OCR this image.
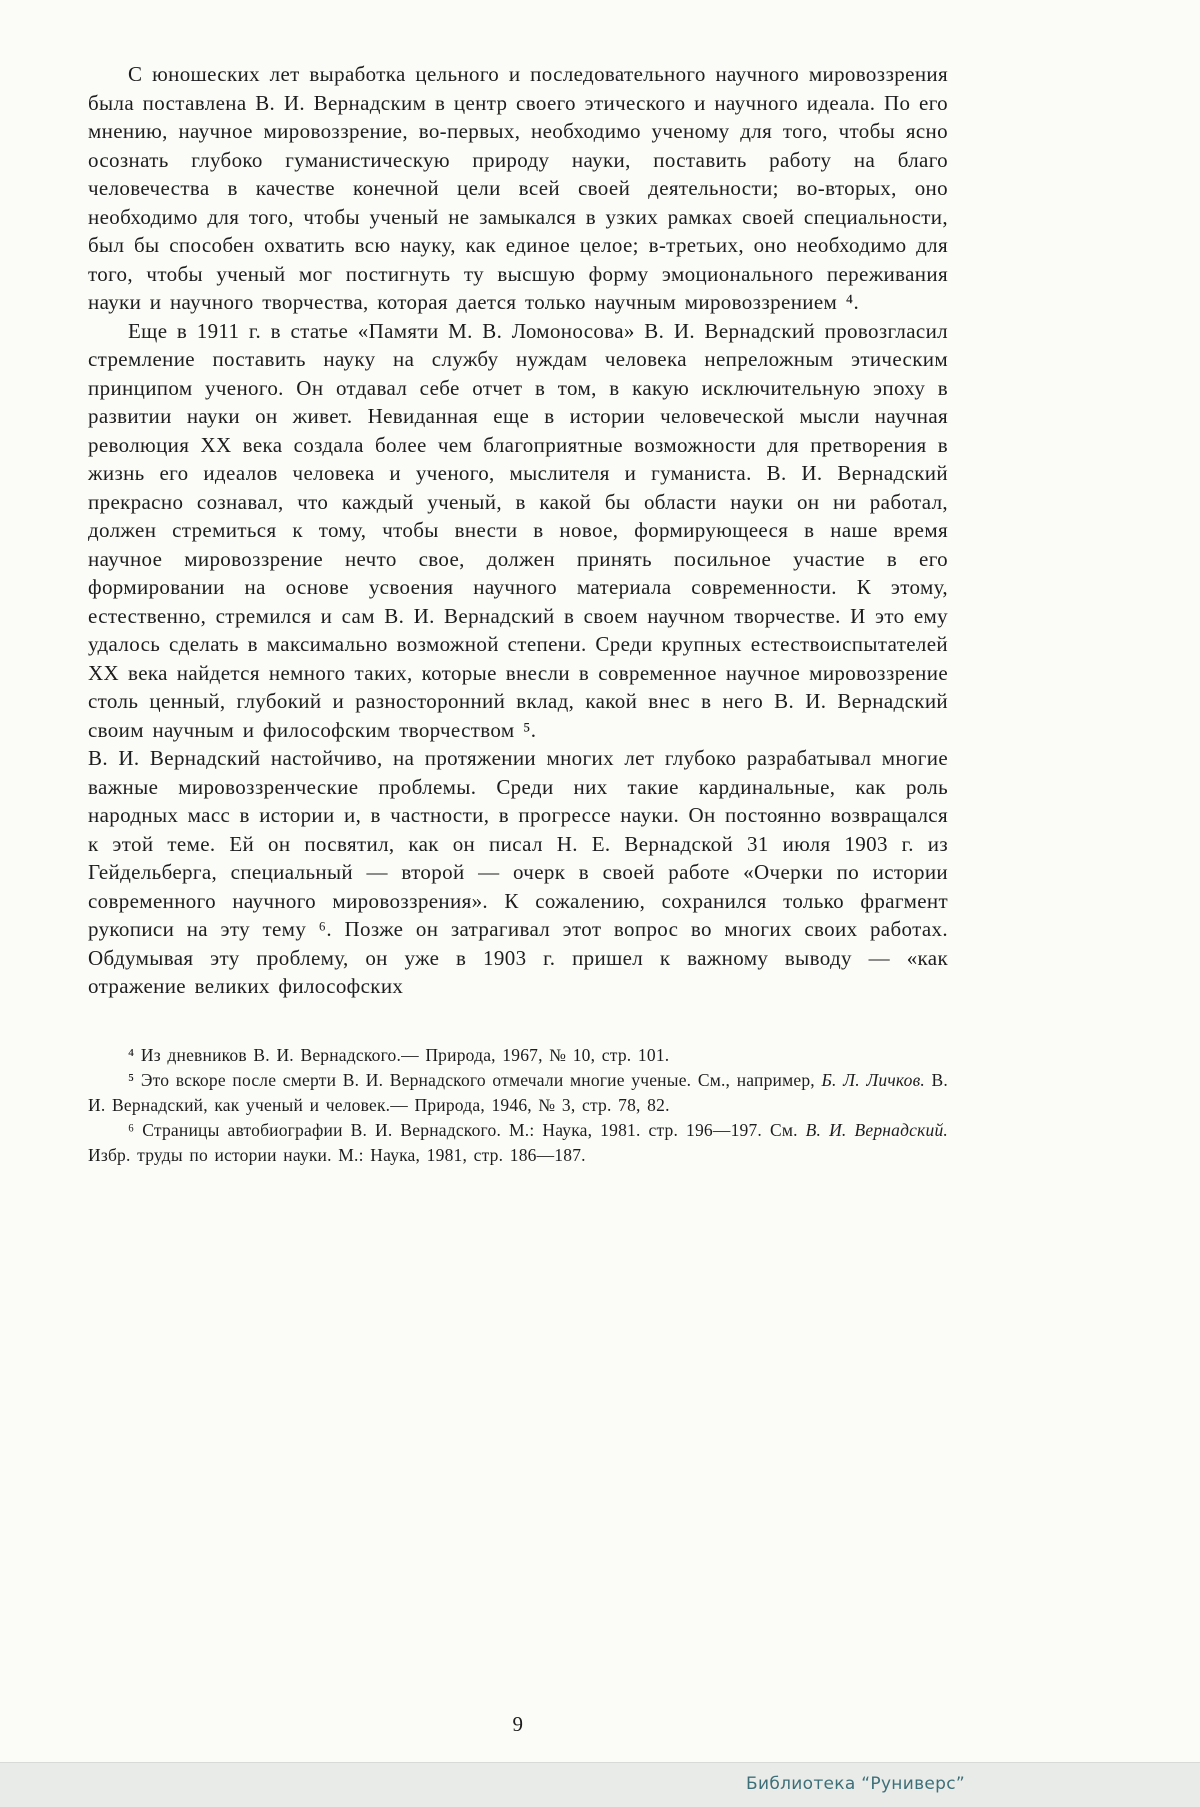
С юношеских лет выработка цельного и последовательного научного мировоззрения была поставлена В. И. Вернадским в центр своего этического и научного идеала. По его мнению, научное мировоззрение, во-первых, необходимо ученому для того, чтобы ясно осознать глубоко гуманистическую природу науки, поставить работу на благо человечества в качестве конечной цели всей своей деятельности; во-вторых, оно необходимо для того, чтобы ученый не замыкался в узких рамках своей специальности, был бы способен охватить всю науку, как единое целое; в-третьих, оно необходимо для того, чтобы ученый мог постигнуть ту высшую форму эмоционального переживания науки и научного творчества, которая дается только научным мировоззрением ⁴.

Еще в 1911 г. в статье «Памяти М. В. Ломоносова» В. И. Вернадский провозгласил стремление поставить науку на службу нуждам человека непреложным этическим принципом ученого. Он отдавал себе отчет в том, в какую исключительную эпоху в развитии науки он живет. Невиданная еще в истории человеческой мысли научная революция XX века создала более чем благоприятные возможности для претворения в жизнь его идеалов человека и ученого, мыслителя и гуманиста. В. И. Вернадский прекрасно сознавал, что каждый ученый, в какой бы области науки он ни работал, должен стремиться к тому, чтобы внести в новое, формирующееся в наше время научное мировоззрение нечто свое, должен принять посильное участие в его формировании на основе усвоения научного материала современности. К этому, естественно, стремился и сам В. И. Вернадский в своем научном творчестве. И это ему удалось сделать в максимально возможной степени. Среди крупных естествоиспытателей XX века найдется немного таких, которые внесли в современное научное мировоззрение столь ценный, глубокий и разносторонний вклад, какой внес в него В. И. Вернадский своим научным и философским творчеством ⁵.

В. И. Вернадский настойчиво, на протяжении многих лет глубоко разрабатывал многие важные мировоззренческие проблемы. Среди них такие кардинальные, как роль народных масс в истории и, в частности, в прогрессе науки. Он постоянно возвращался к этой теме. Ей он посвятил, как он писал Н. Е. Вернадской 31 июля 1903 г. из Гейдельберга, специальный — второй — очерк в своей работе «Очерки по истории современного научного мировоззрения». К сожалению, сохранился только фрагмент рукописи на эту тему ⁶. Позже он затрагивал этот вопрос во многих своих работах. Обдумывая эту проблему, он уже в 1903 г. пришел к важному выводу — «как отражение великих философских

⁴ Из дневников В. И. Вернадского.— Природа, 1967, № 10, стр. 101.

⁵ Это вскоре после смерти В. И. Вернадского отмечали многие ученые. См., например, Б. Л. Личков. В. И. Вернадский, как ученый и человек.— Природа, 1946, № 3, стр. 78, 82.

⁶ Страницы автобиографии В. И. Вернадского. М.: Наука, 1981. стр. 196—197. См. В. И. Вернадский. Избр. труды по истории науки. М.: Наука, 1981, стр. 186—187.

9
Библиотека “Руниверс”
